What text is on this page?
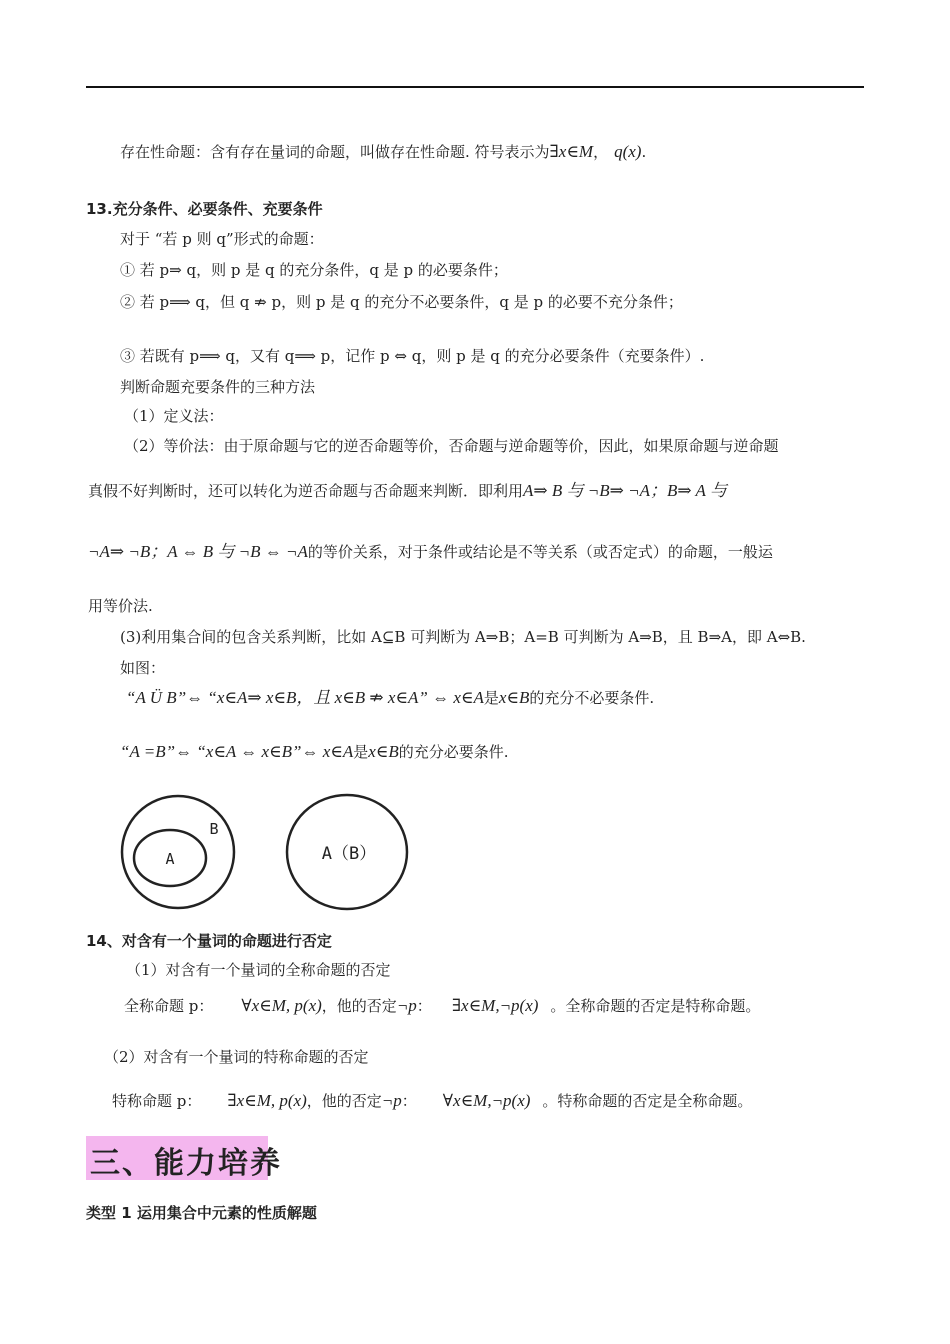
存在性命题：含有存在量词的命题，叫做存在性命题. 符号表示为∃x∈M， q(x).
13.充分条件、必要条件、充要条件
对于 “若 p 则 q”形式的命题：
① 若 p⇒ q，则 p 是 q 的充分条件，q 是 p 的必要条件；
② 若 p⟹ q，但 q ⇏ p，则 p 是 q 的充分不必要条件，q 是 p 的必要不充分条件；
③ 若既有 p⟹ q，又有 q⟹ p，记作 p ⇔ q，则 p 是 q 的充分必要条件（充要条件）.
判断命题充要条件的三种方法
（1）定义法：
（2）等价法：由于原命题与它的逆否命题等价，否命题与逆命题等价，因此，如果原命题与逆命题
真假不好判断时，还可以转化为逆否命题与否命题来判断．即利用A⇒ B 与 ¬B⇒ ¬A；B⇒ A 与
¬A⇒ ¬B；A ⇔ B 与 ¬B ⇔ ¬A的等价关系，对于条件或结论是不等关系（或否定式）的命题，一般运
用等价法.
(3)利用集合间的包含关系判断，比如 A⊆B 可判断为 A⇒B；A=B 可判断为 A⇒B，且 B⇒A，即 A⇔B.
如图：
“A Ü B”⇔ “x∈A⇒ x∈B，且 x∈B ⇏ x∈A” ⇔ x∈A是x∈B的充分不必要条件.
“A =B”⇔ “x∈A ⇔ x∈B”⇔ x∈A是x∈B的充分必要条件.
A
B
A（B）
14、对含有一个量词的命题进行否定
（1）对含有一个量词的全称命题的否定
全称命题 p： ∀x∈M, p(x)，他的否定¬p： ∃x∈M,¬p(x) 。全称命题的否定是特称命题。
（2）对含有一个量词的特称命题的否定
特称命题 p： ∃x∈M, p(x)，他的否定¬p： ∀x∈M,¬p(x) 。特称命题的否定是全称命题。
三、能力培养
类型 1 运用集合中元素的性质解题
